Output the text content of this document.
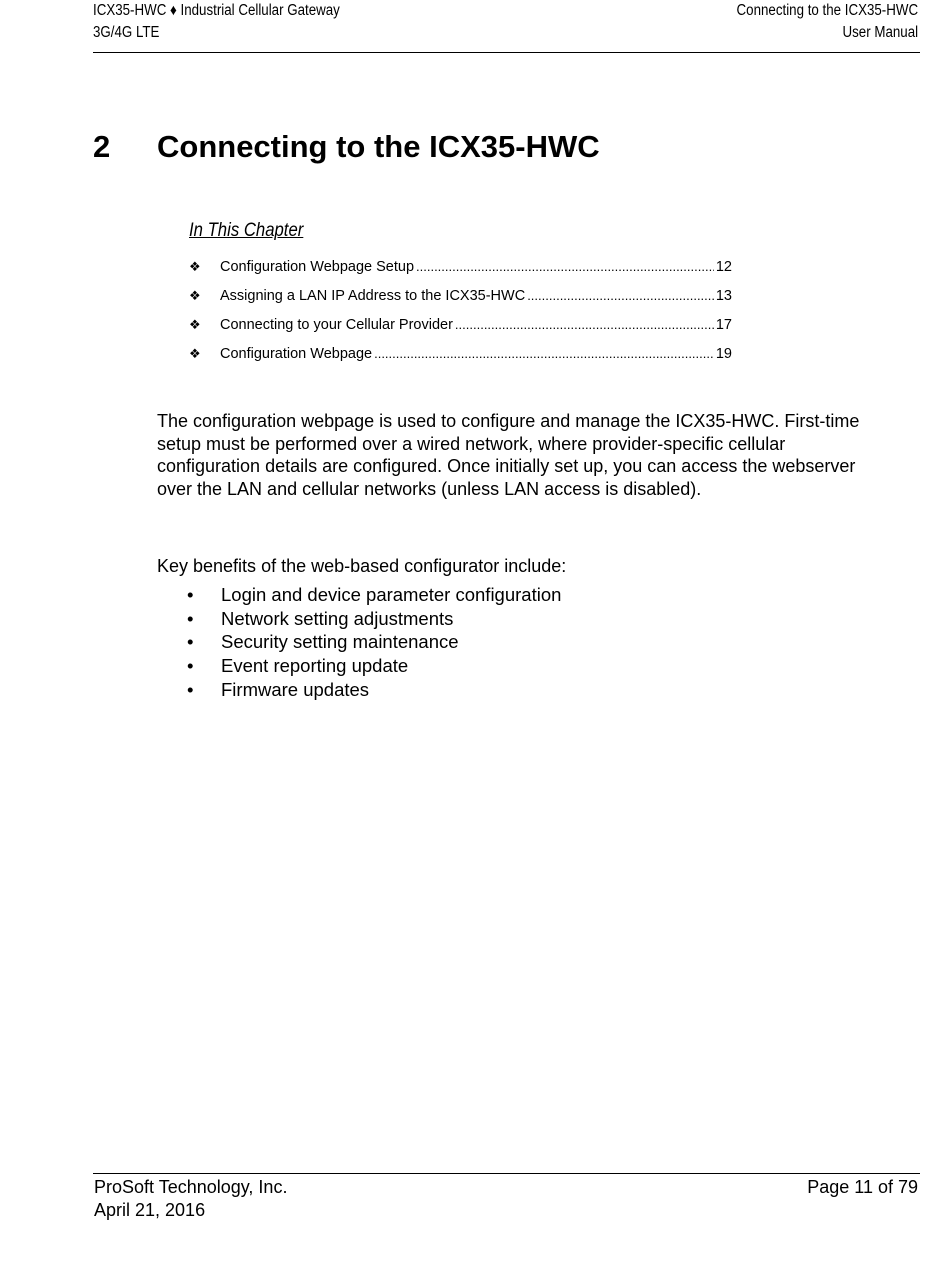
ICX35-HWC ♦ Industrial Cellular Gateway
3G/4G LTE
Connecting to the ICX35-HWC
User Manual
2 Connecting to the ICX35-HWC
In This Chapter
❖	Configuration Webpage Setup .....	12
❖	Assigning a LAN IP Address to the ICX35-HWC .....	13
❖	Connecting to your Cellular Provider .....	17
❖	Configuration Webpage .....	19

The configuration webpage is used to configure and manage the ICX35-HWC. First-time setup must be performed over a wired network, where provider-specific cellular configuration details are configured. Once initially set up, you can access the webserver over the LAN and cellular networks (unless LAN access is disabled).

Key benefits of the web-based configurator include:

•	Login and device parameter configuration
•	Network setting adjustments
•	Security setting maintenance
•	Event reporting update
•	Firmware updates
ProSoft Technology, Inc.
April 21, 2016
Page 11 of 79
